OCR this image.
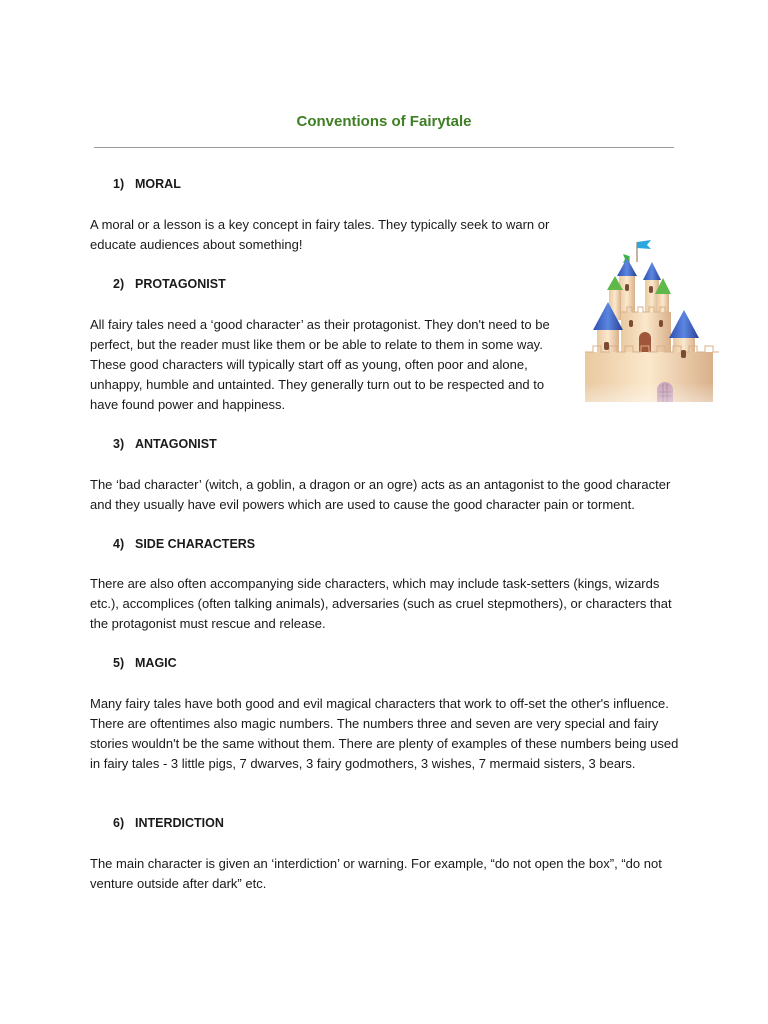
Conventions of Fairytale
1) MORAL

A moral or a lesson is a key concept in fairy tales. They typically seek to warn or educate audiences about something!

2) PROTAGONIST

All fairy tales need a ‘good character’ as their protagonist. They don't need to be perfect, but the reader must like them or be able to relate to them in some way. These good characters will typically start off as young, often poor and alone, unhappy, humble and untainted. They generally turn out to be respected and to have found power and happiness.

3) ANTAGONIST

The ‘bad character’ (witch, a goblin, a dragon or an ogre) acts as an antagonist to the good character and they usually have evil powers which are used to cause the good character pain or torment.

4) SIDE CHARACTERS

There are also often accompanying side characters, which may include task-setters (kings, wizards etc.), accomplices (often talking animals), adversaries (such as cruel stepmothers), or characters that the protagonist must rescue and release.

5) MAGIC

Many fairy tales have both good and evil magical characters that work to off-set the other's influence. There are oftentimes also magic numbers. The numbers three and seven are very special and fairy stories wouldn't be the same without them. There are plenty of examples of these numbers being used in fairy tales - 3 little pigs, 7 dwarves, 3 fairy godmothers, 3 wishes, 7 mermaid sisters, 3 bears.

6) INTERDICTION

The main character is given an ‘interdiction’ or warning. For example, “do not open the box”, “do not venture outside after dark” etc.
